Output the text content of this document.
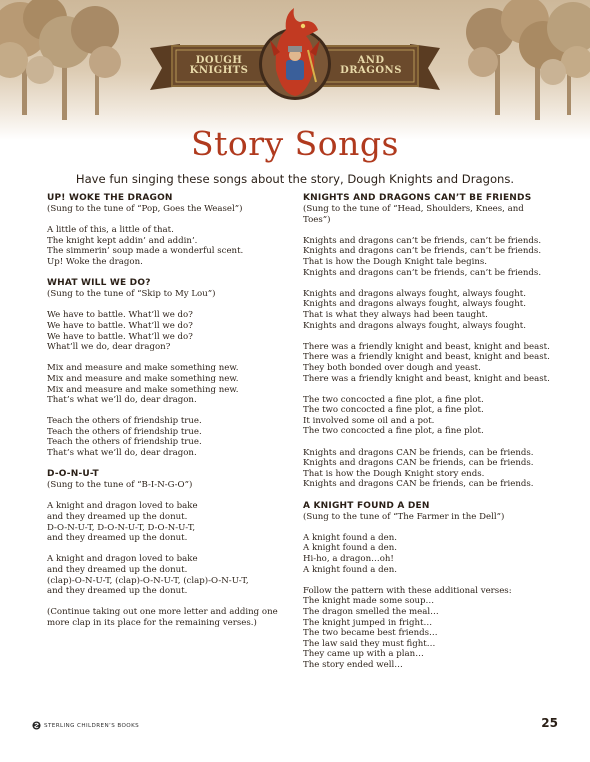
DOUGH
KNIGHTS
AND
DRAGONS
Story Songs
Have fun singing these songs about the story, Dough Knights and Dragons.
UP! WOKE THE DRAGON
(Sung to the tune of “Pop, Goes the Weasel”)
A little of this, a little of that.
The knight kept addin’ and addin’.
The simmerin’ soup made a wonderful scent.
Up! Woke the dragon.
WHAT WILL WE DO?
(Sung to the tune of “Skip to My Lou”)
We have to battle. What’ll we do?
We have to battle. What’ll we do?
We have to battle. What’ll we do?
What’ll we do, dear dragon?
Mix and measure and make something new.
Mix and measure and make something new.
Mix and measure and make something new.
That’s what we’ll do, dear dragon.
Teach the others of friendship true.
Teach the others of friendship true.
Teach the others of friendship true.
That’s what we’ll do, dear dragon.
D-O-N-U-T
(Sung to the tune of “B-I-N-G-O”)
A knight and dragon loved to bake
and they dreamed up the donut.
D-O-N-U-T, D-O-N-U-T, D-O-N-U-T,
and they dreamed up the donut.
A knight and dragon loved to bake
and they dreamed up the donut.
(clap)-O-N-U-T, (clap)-O-N-U-T, (clap)-O-N-U-T,
and they dreamed up the donut.
(Continue taking out one more letter and adding one more clap in its place for the remaining verses.)
KNIGHTS AND DRAGONS CAN’T BE FRIENDS
(Sung to the tune of “Head, Shoulders, Knees, and Toes”)
Knights and dragons can’t be friends, can’t be friends.
Knights and dragons can’t be friends, can’t be friends.
That is how the Dough Knight tale begins.
Knights and dragons can’t be friends, can’t be friends.
Knights and dragons always fought, always fought.
Knights and dragons always fought, always fought.
That is what they always had been taught.
Knights and dragons always fought, always fought.
There was a friendly knight and beast, knight and beast.
There was a friendly knight and beast, knight and beast.
They both bonded over dough and yeast.
There was a friendly knight and beast, knight and beast.
The two concocted a fine plot, a fine plot.
The two concocted a fine plot, a fine plot.
It involved some oil and a pot.
The two concocted a fine plot, a fine plot.
Knights and dragons CAN be friends, can be friends.
Knights and dragons CAN be friends, can be friends.
That is how the Dough Knight story ends.
Knights and dragons CAN be friends, can be friends.
A KNIGHT FOUND A DEN
(Sung to the tune of “The Farmer in the Dell”)
A knight found a den.
A knight found a den.
Hi-ho, a dragon…oh!
A knight found a den.
Follow the pattern with these additional verses:
The knight made some soup…
The dragon smelled the meal…
The knight jumped in fright…
The two became best friends…
The law said they must fight…
They came up with a plan…
The story ended well…
STERLING CHILDREN’S BOOKS	25
